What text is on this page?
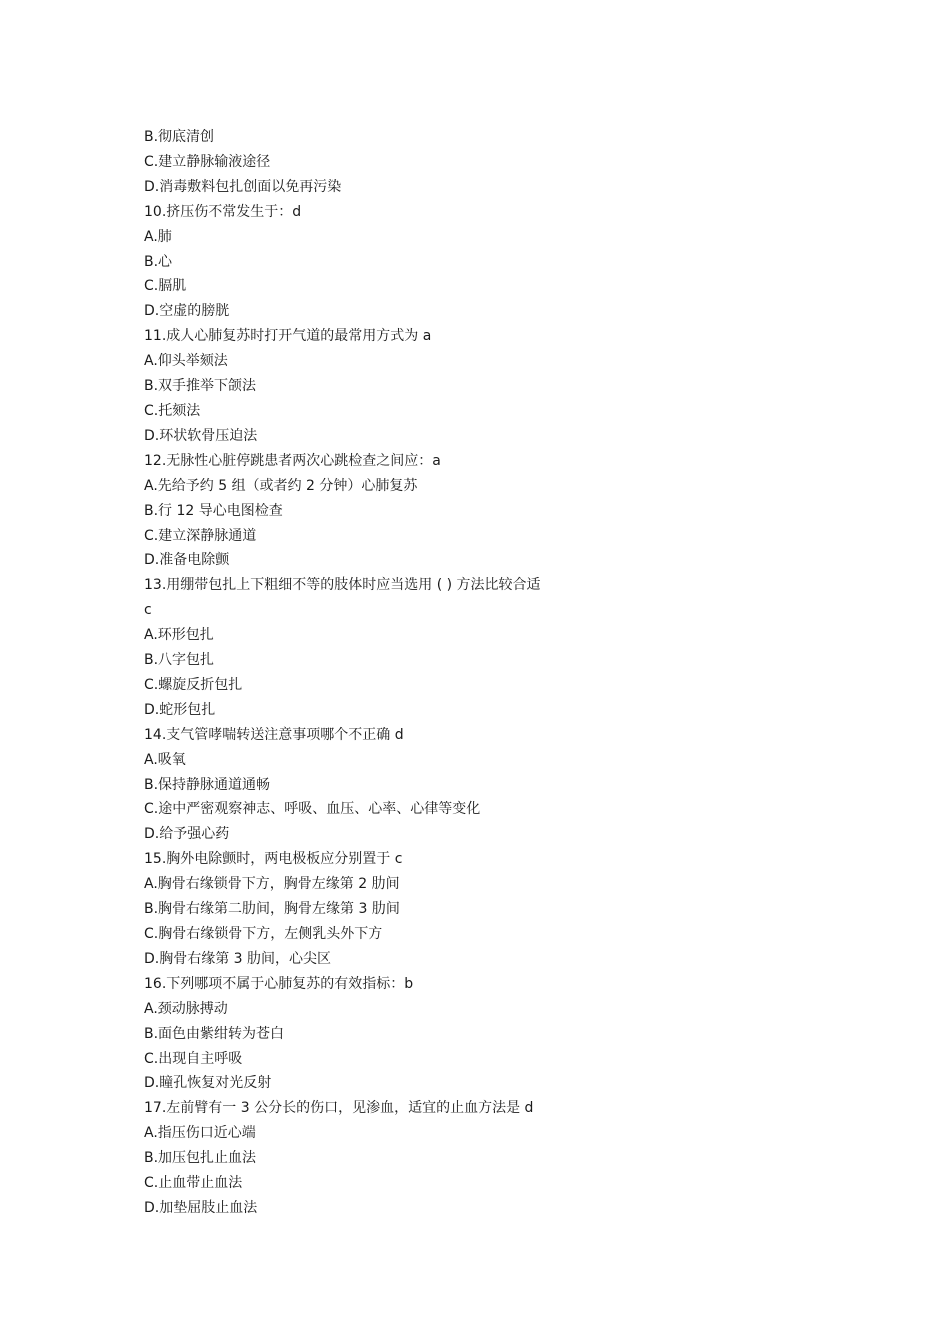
B.彻底清创

C.建立静脉输液途径

D.消毒敷料包扎创面以免再污染

10.挤压伤不常发生于：d

A.肺

B.心

C.膈肌

D.空虚的膀胱

11.成人心肺复苏时打开气道的最常用方式为 a

A.仰头举颏法

B.双手推举下颌法

C.托颏法

D.环状软骨压迫法

12.无脉性心脏停跳患者两次心跳检查之间应：a

A.先给予约 5 组（或者约 2 分钟）心肺复苏

B.行 12 导心电图检查

C.建立深静脉通道

D.准备电除颤

13.用绷带包扎上下粗细不等的肢体时应当选用 ( ) 方法比较合适

c

A.环形包扎

B.八字包扎

C.螺旋反折包扎

D.蛇形包扎

14.支气管哮喘转送注意事项哪个不正确 d

A.吸氧

B.保持静脉通道通畅

C.途中严密观察神志、呼吸、血压、心率、心律等变化

D.给予强心药

15.胸外电除颤时，两电极板应分别置于 c

A.胸骨右缘锁骨下方，胸骨左缘第 2 肋间

B.胸骨右缘第二肋间，胸骨左缘第 3 肋间

C.胸骨右缘锁骨下方，左侧乳头外下方

D.胸骨右缘第 3 肋间，心尖区

16.下列哪项不属于心肺复苏的有效指标：b

A.颈动脉搏动

B.面色由紫绀转为苍白

C.出现自主呼吸

D.瞳孔恢复对光反射

17.左前臂有一 3 公分长的伤口，见渗血，适宜的止血方法是 d

A.指压伤口近心端

B.加压包扎止血法

C.止血带止血法

D.加垫屈肢止血法
